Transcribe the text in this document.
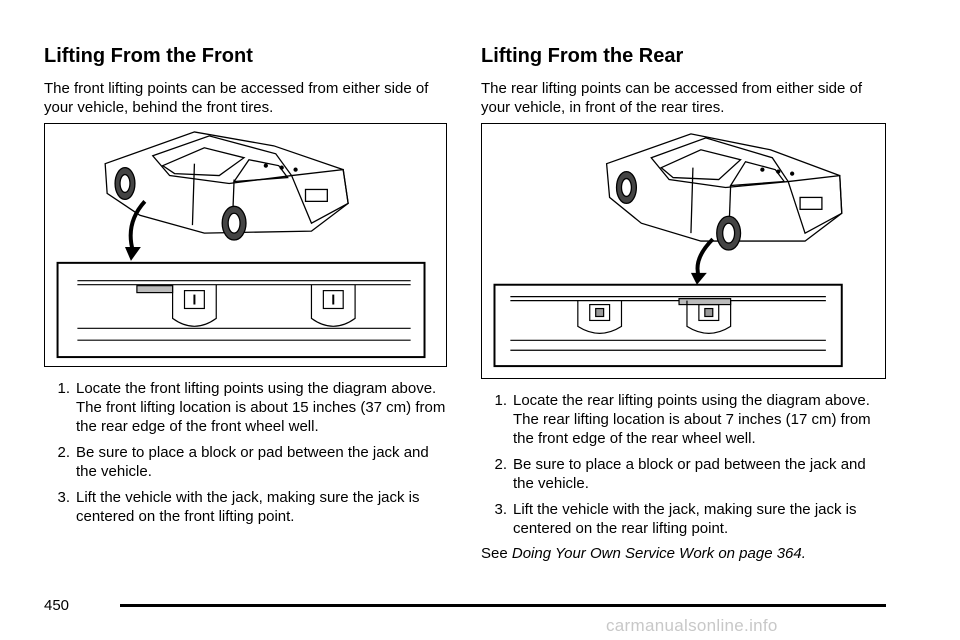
Lifting From the Front

The front lifting points can be accessed from either side of your vehicle, behind the front tires.

1. Locate the front lifting points using the diagram above. The front lifting location is about 15 inches (37 cm) from the rear edge of the front wheel well.
2. Be sure to place a block or pad between the jack and the vehicle.
3. Lift the vehicle with the jack, making sure the jack is centered on the front lifting point.
Lifting From the Rear

The rear lifting points can be accessed from either side of your vehicle, in front of the rear tires.

1. Locate the rear lifting points using the diagram above. The rear lifting location is about 7 inches (17 cm) from the front edge of the rear wheel well.
2. Be sure to place a block or pad between the jack and the vehicle.
3. Lift the vehicle with the jack, making sure the jack is centered on the rear lifting point.
See Doing Your Own Service Work on page 364.
450
carmanualsonline.info
